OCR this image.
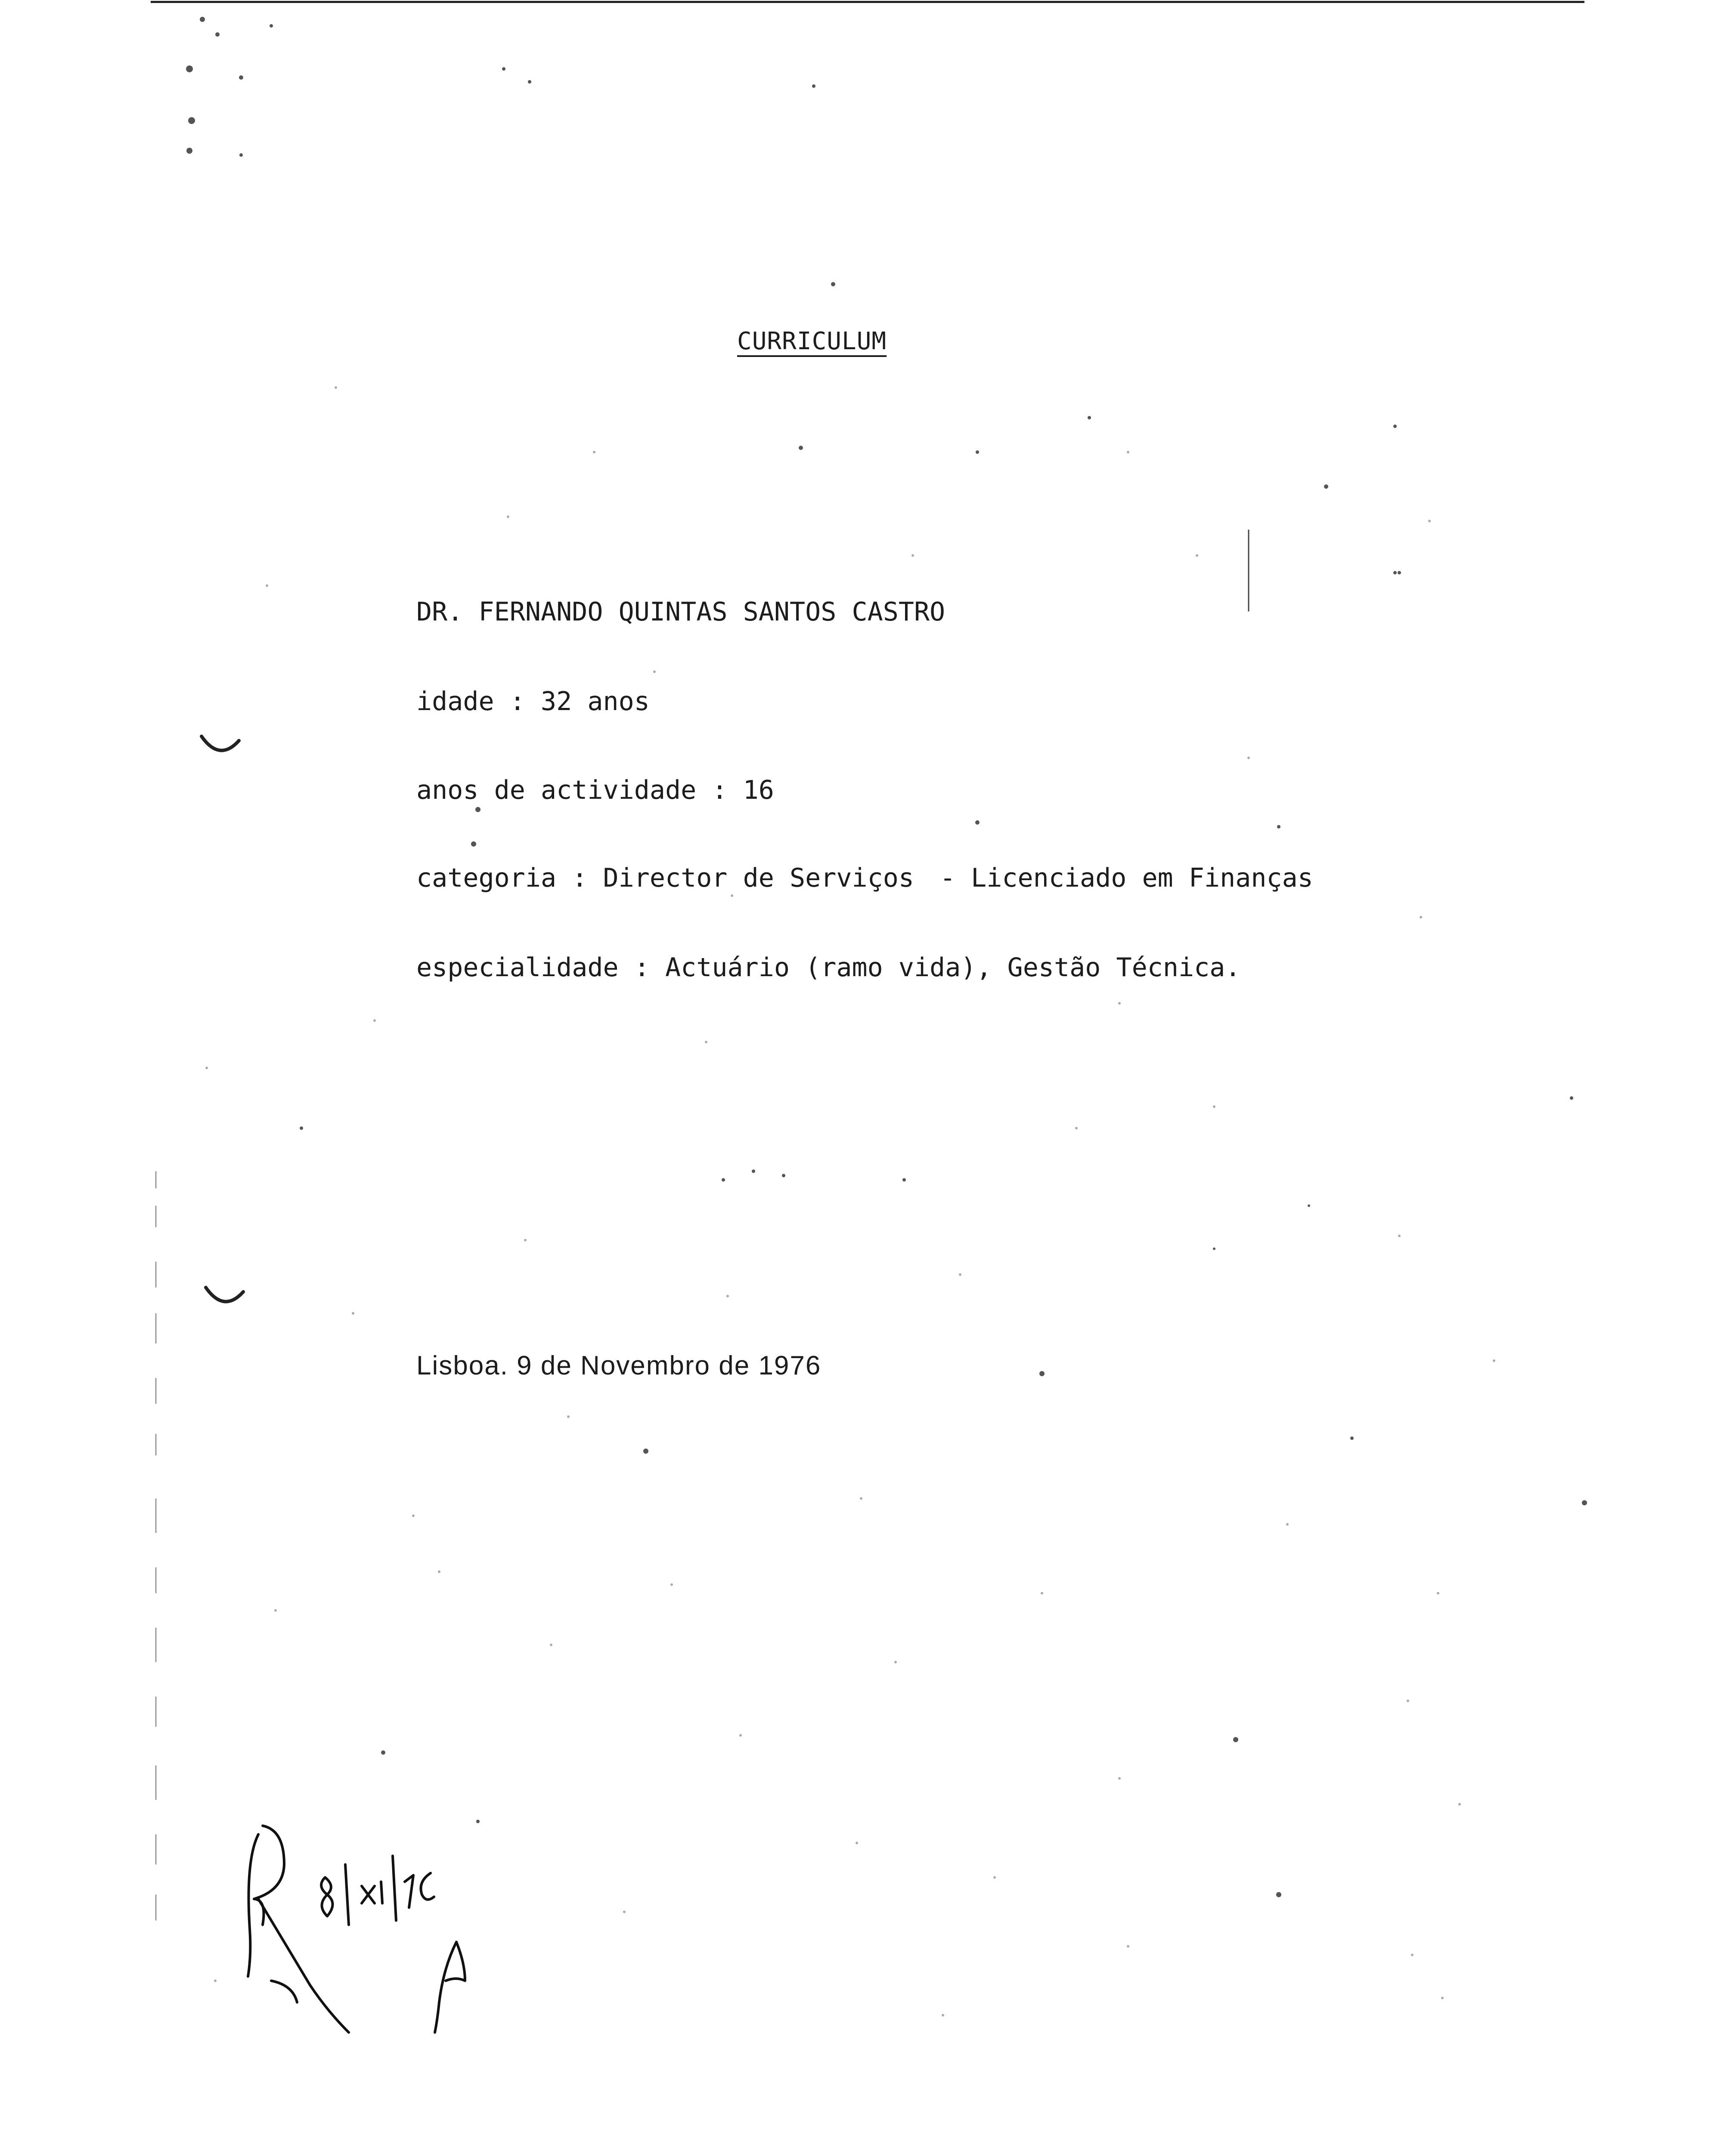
CURRICULUM
DR. FERNANDO QUINTAS SANTOS CASTRO
idade : 32 anos
anos de actividade : 16
categoria : Director de Serviços - Licenciado em Finanças
especialidade : Actuário (ramo vida), Gestão Técnica.
Lisboa. 9 de Novembro de 1976
